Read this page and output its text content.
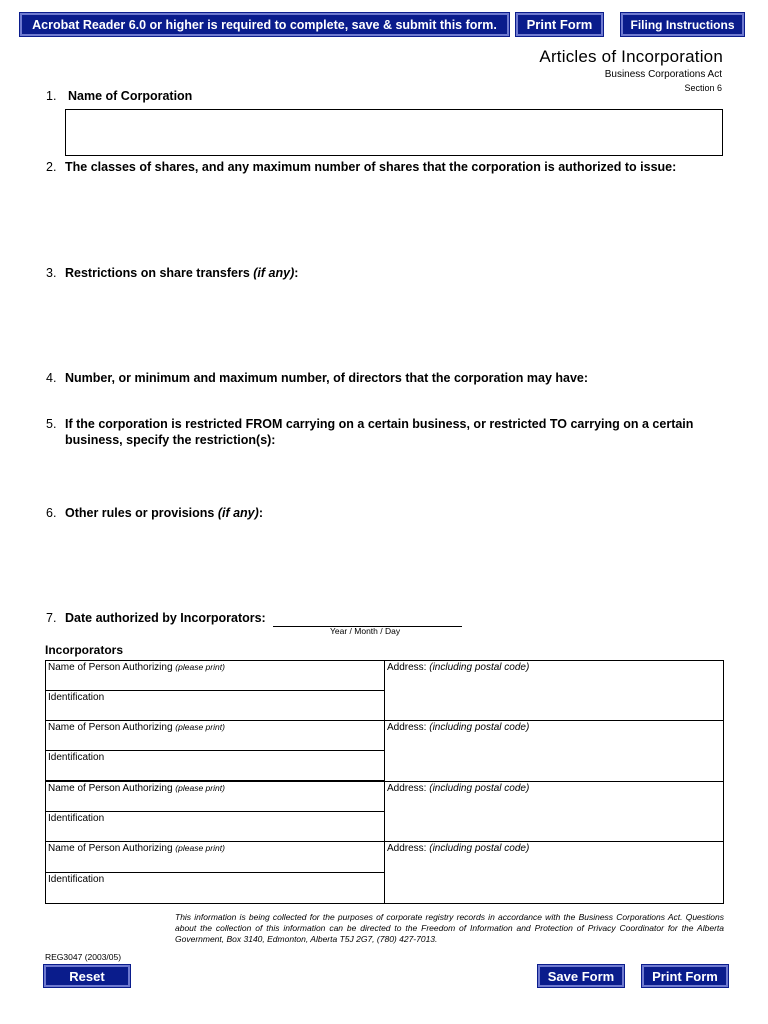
Acrobat Reader 6.0 or higher is required to complete, save & submit this form. Print Form	Filing Instructions
Articles of Incorporation
Business Corporations Act
Section 6
1. Name of Corporation
2. The classes of shares, and any maximum number of shares that the corporation is authorized to issue:
3. Restrictions on share transfers (if any):
4. Number, or minimum and maximum number, of directors that the corporation may have:
5. If the corporation is restricted FROM carrying on a certain business, or restricted TO carrying on a certain
business, specify the restriction(s):
6. Other rules or provisions (if any):
7. Date authorized by Incorporators:
Year / Month / Day
Incorporators
Name of Person Authorizing (please print)
Identification
Address: (including postal code)
Name of Person Authorizing (please print)
Identification
Address: (including postal code)
Name of Person Authorizing (please print)
Identification
Address: (including postal code)
Name of Person Authorizing (please print)
Identification
Address: (including postal code)
This information is being collected for the purposes of corporate registry records in accordance with the Business Corporations Act. Questions about the collection of this information can be directed to the Freedom of Information and Protection of Privacy Coordinator for the Alberta Government, Box 3140, Edmonton, Alberta T5J 2G7, (780) 427-7013.
REG3047 (2003/05)
Reset	Save Form	Print Form
